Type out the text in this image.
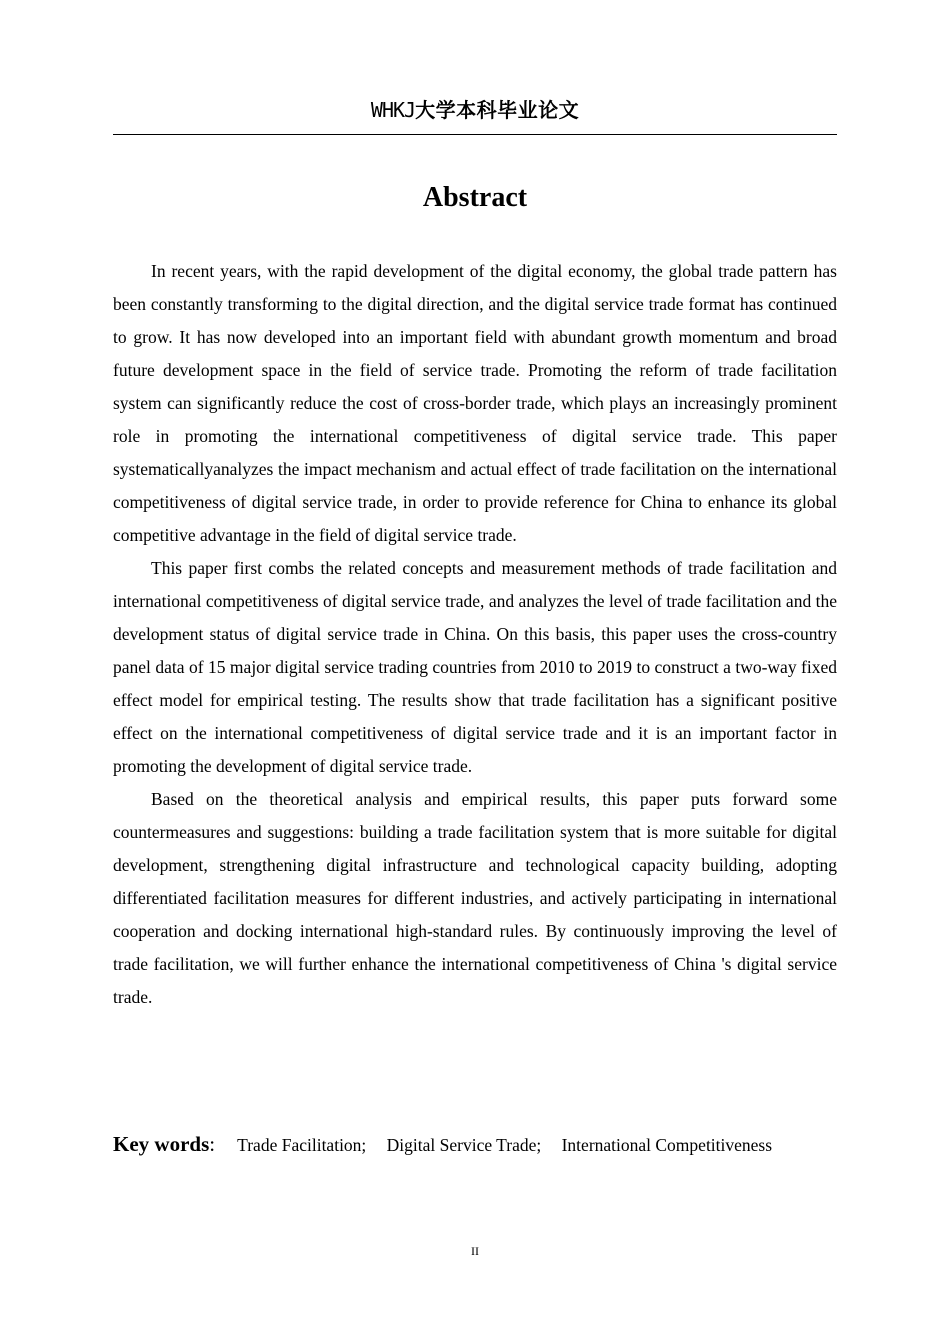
WHKJ大学本科毕业论文
Abstract

In recent years, with the rapid development of the digital economy, the global trade pattern has been constantly transforming to the digital direction, and the digital service trade format has continued to grow. It has now developed into an important field with abundant growth momentum and broad future development space in the field of service trade. Promoting the reform of trade facilitation system can significantly reduce the cost of cross-border trade, which plays an increasingly prominent role in promoting the international competitiveness of digital service trade. This paper systematicallyanalyzes the impact mechanism and actual effect of trade facilitation on the international competitiveness of digital service trade, in order to provide reference for China to enhance its global competitive advantage in the field of digital service trade.

This paper first combs the related concepts and measurement methods of trade facilitation and international competitiveness of digital service trade, and analyzes the level of trade facilitation and the development status of digital service trade in China. On this basis, this paper uses the cross-country panel data of 15 major digital service trading countries from 2010 to 2019 to construct a two-way fixed effect model for empirical testing. The results show that trade facilitation has a significant positive effect on the international competitiveness of digital service trade and it is an important factor in promoting the development of digital service trade.

Based on the theoretical analysis and empirical results, this paper puts forward some countermeasures and suggestions: building a trade facilitation system that is more suitable for digital development, strengthening digital infrastructure and technological capacity building, adopting differentiated facilitation measures for different industries, and actively participating in international cooperation and docking international high-standard rules. By continuously improving the level of trade facilitation, we will further enhance the international competitiveness of China 's digital service trade.

Key words: Trade Facilitation; Digital Service Trade; International Competitiveness
II
